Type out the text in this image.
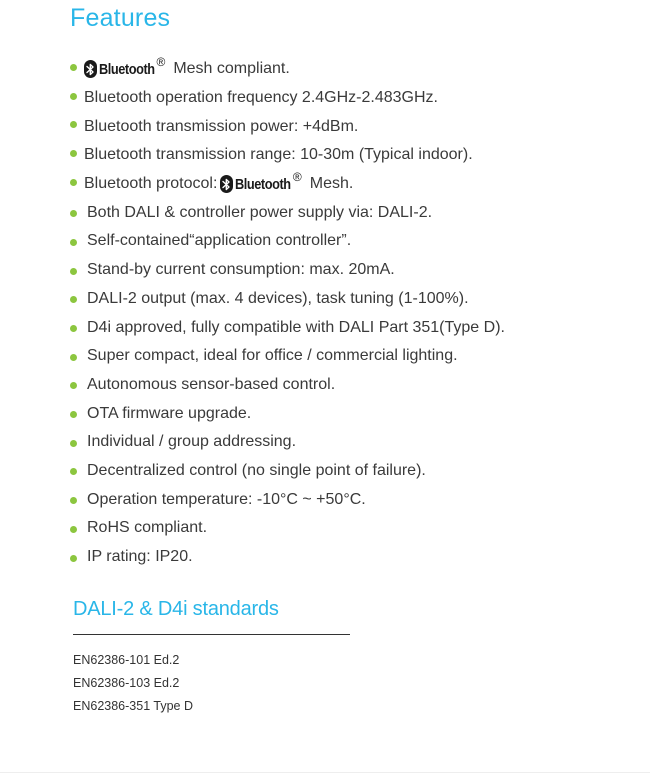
Features
Bluetooth ® Mesh compliant.
Bluetooth operation frequency 2.4GHz-2.483GHz.
Bluetooth transmission power: +4dBm.
Bluetooth transmission range: 10-30m (Typical indoor).
Bluetooth protocol: Bluetooth ® Mesh.
Both DALI & controller power supply via: DALI-2.
Self-contained“application controller”.
Stand-by current consumption: max. 20mA.
DALI-2 output (max. 4 devices), task tuning (1-100%).
D4i approved, fully compatible with DALI Part 351(Type D).
Super compact, ideal for office / commercial lighting.
Autonomous sensor-based control.
OTA firmware upgrade.
Individual / group addressing.
Decentralized control (no single point of failure).
Operation temperature: -10°C ~ +50°C.
RoHS compliant.
IP rating: IP20.
DALI-2 & D4i standards
EN62386-101 Ed.2
EN62386-103 Ed.2
EN62386-351 Type D
